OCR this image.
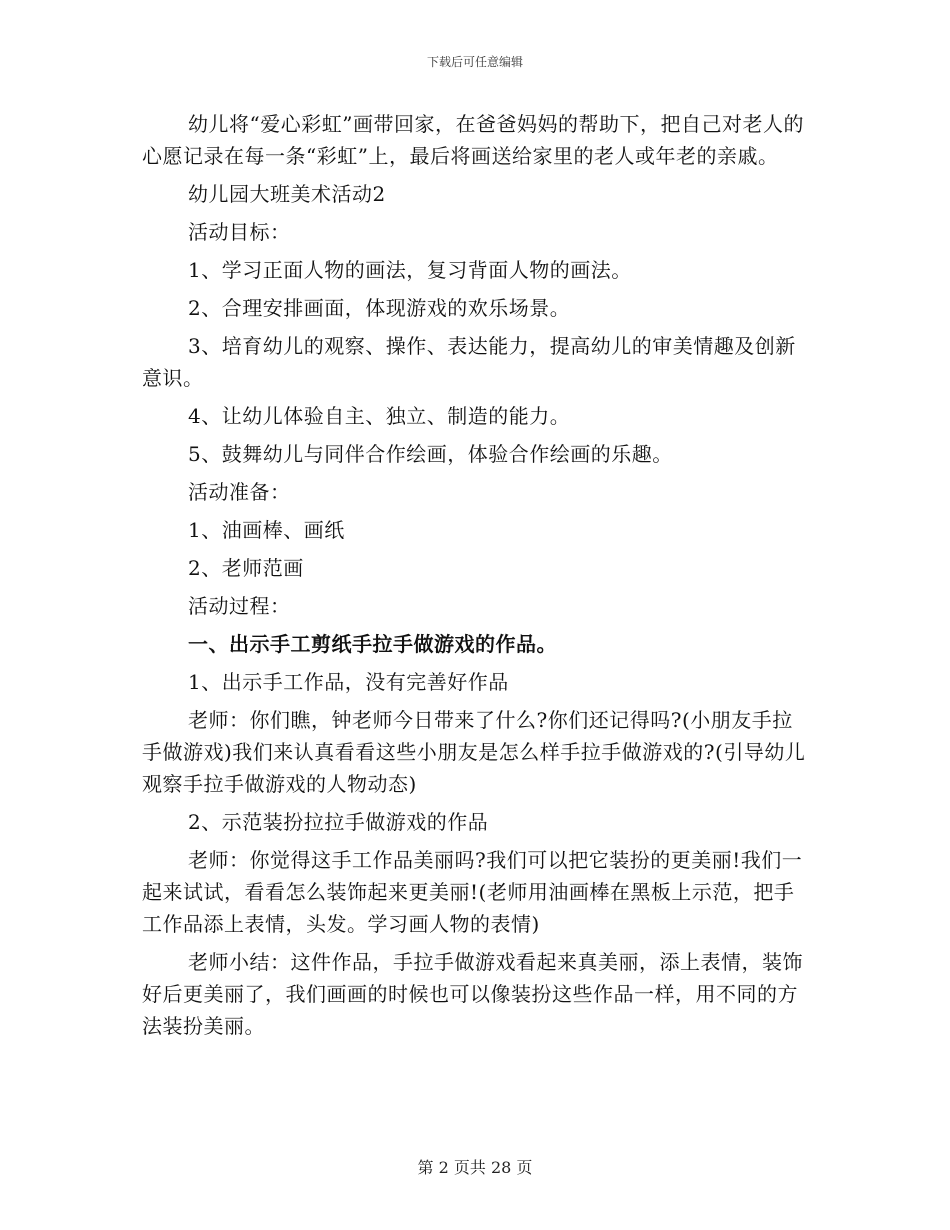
下载后可任意编辑

幼儿将“爱心彩虹”画带回家，在爸爸妈妈的帮助下，把自己对老人的心愿记录在每一条“彩虹”上，最后将画送给家里的老人或年老的亲戚。

幼儿园大班美术活动2

活动目标：

1、学习正面人物的画法，复习背面人物的画法。

2、合理安排画面，体现游戏的欢乐场景。

3、培育幼儿的观察、操作、表达能力，提高幼儿的审美情趣及创新意识。

4、让幼儿体验自主、独立、制造的能力。

5、鼓舞幼儿与同伴合作绘画，体验合作绘画的乐趣。

活动准备：

1、油画棒、画纸

2、老师范画

活动过程：

一、出示手工剪纸手拉手做游戏的作品。

1、出示手工作品，没有完善好作品

老师：你们瞧，钟老师今日带来了什么?你们还记得吗?(小朋友手拉手做游戏)我们来认真看看这些小朋友是怎么样手拉手做游戏的?(引导幼儿观察手拉手做游戏的人物动态)

2、示范装扮拉拉手做游戏的作品

老师：你觉得这手工作品美丽吗?我们可以把它装扮的更美丽!我们一起来试试，看看怎么装饰起来更美丽!(老师用油画棒在黑板上示范，把手工作品添上表情，头发。学习画人物的表情)

老师小结：这件作品，手拉手做游戏看起来真美丽，添上表情，装饰好后更美丽了，我们画画的时候也可以像装扮这些作品一样，用不同的方法装扮美丽。

第 2 页共 28 页
